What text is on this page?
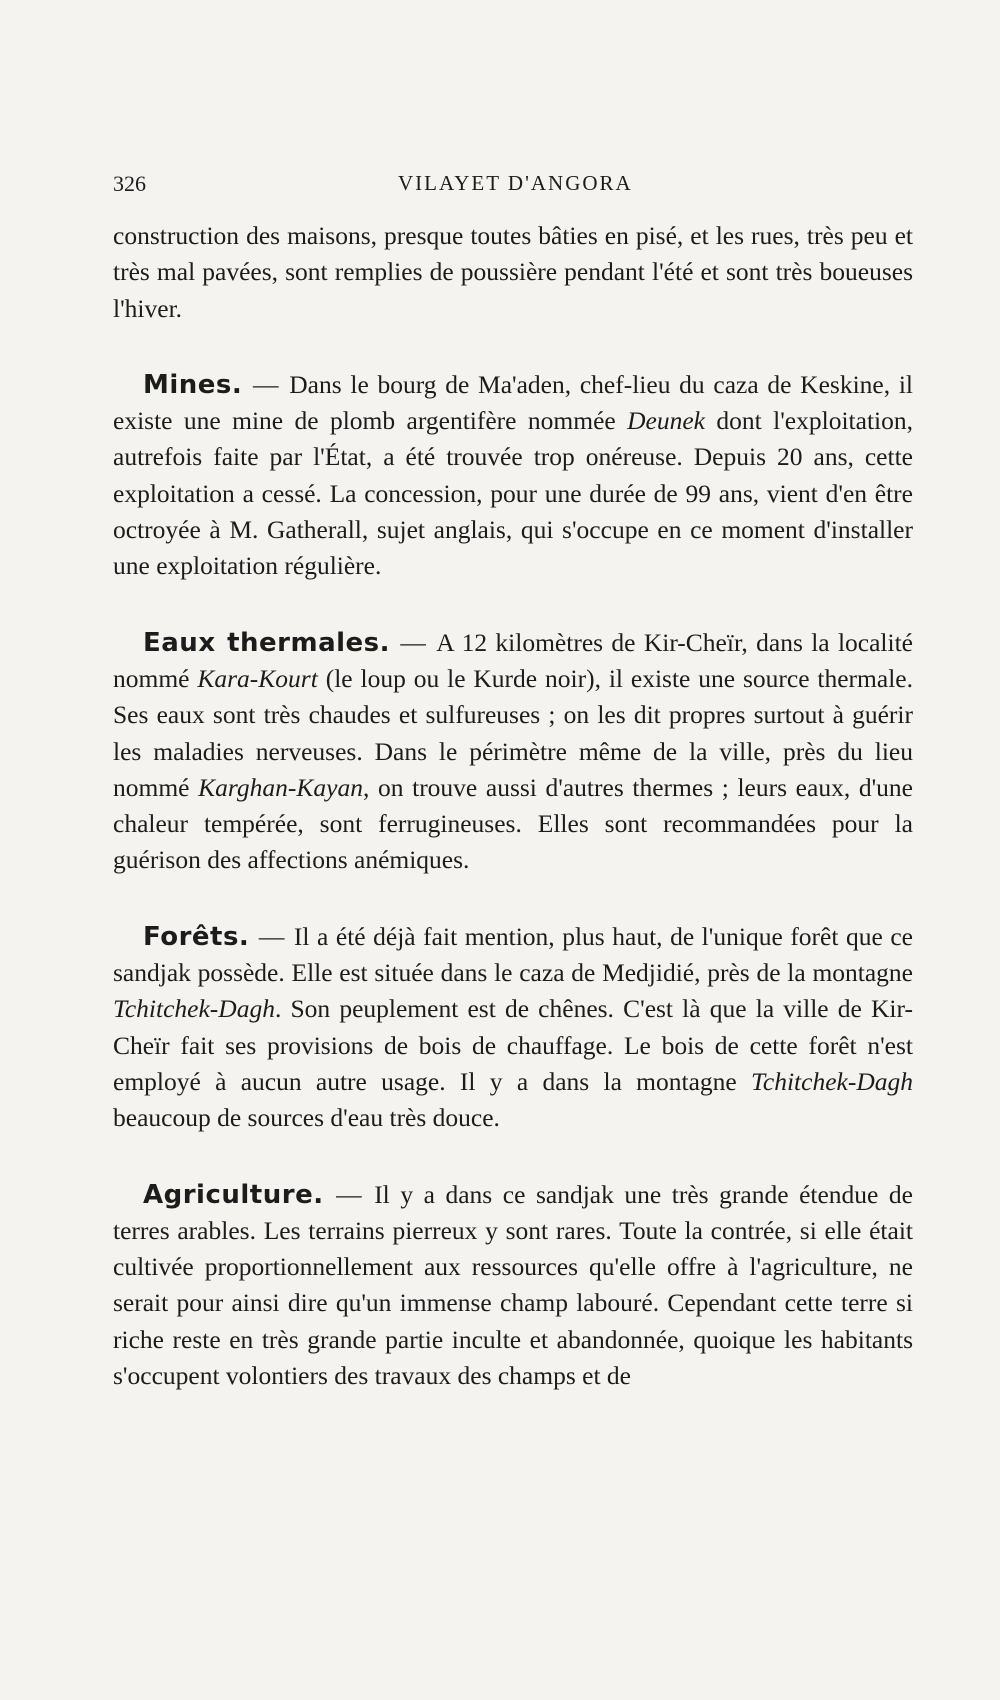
326	VILAYET D'ANGORA

construction des maisons, presque toutes bâties en pisé, et les rues, très peu et très mal pavées, sont remplies de poussière pendant l'été et sont très boueuses l'hiver.

Mines. — Dans le bourg de Ma'aden, chef-lieu du caza de Keskine, il existe une mine de plomb argentifère nommée Deunek dont l'exploitation, autrefois faite par l'État, a été trouvée trop onéreuse. Depuis 20 ans, cette exploitation a cessé. La concession, pour une durée de 99 ans, vient d'en être octroyée à M. Gatherall, sujet anglais, qui s'occupe en ce moment d'installer une exploitation régulière.

Eaux thermales. — A 12 kilomètres de Kir-Cheïr, dans la localité nommé Kara-Kourt (le loup ou le Kurde noir), il existe une source thermale. Ses eaux sont très chaudes et sulfureuses ; on les dit propres surtout à guérir les maladies nerveuses. Dans le périmètre même de la ville, près du lieu nommé Karghan-Kayan, on trouve aussi d'autres thermes ; leurs eaux, d'une chaleur tempérée, sont ferrugineuses. Elles sont recommandées pour la guérison des affections anémiques.

Forêts. — Il a été déjà fait mention, plus haut, de l'unique forêt que ce sandjak possède. Elle est située dans le caza de Medjidié, près de la montagne Tchitchek-Dagh. Son peuplement est de chênes. C'est là que la ville de Kir-Cheïr fait ses provisions de bois de chauffage. Le bois de cette forêt n'est employé à aucun autre usage. Il y a dans la montagne Tchitchek-Dagh beaucoup de sources d'eau très douce.

Agriculture. — Il y a dans ce sandjak une très grande étendue de terres arables. Les terrains pierreux y sont rares. Toute la contrée, si elle était cultivée proportionnellement aux ressources qu'elle offre à l'agriculture, ne serait pour ainsi dire qu'un immense champ labouré. Cependant cette terre si riche reste en très grande partie inculte et abandonnée, quoique les habitants s'occupent volontiers des travaux des champs et de
